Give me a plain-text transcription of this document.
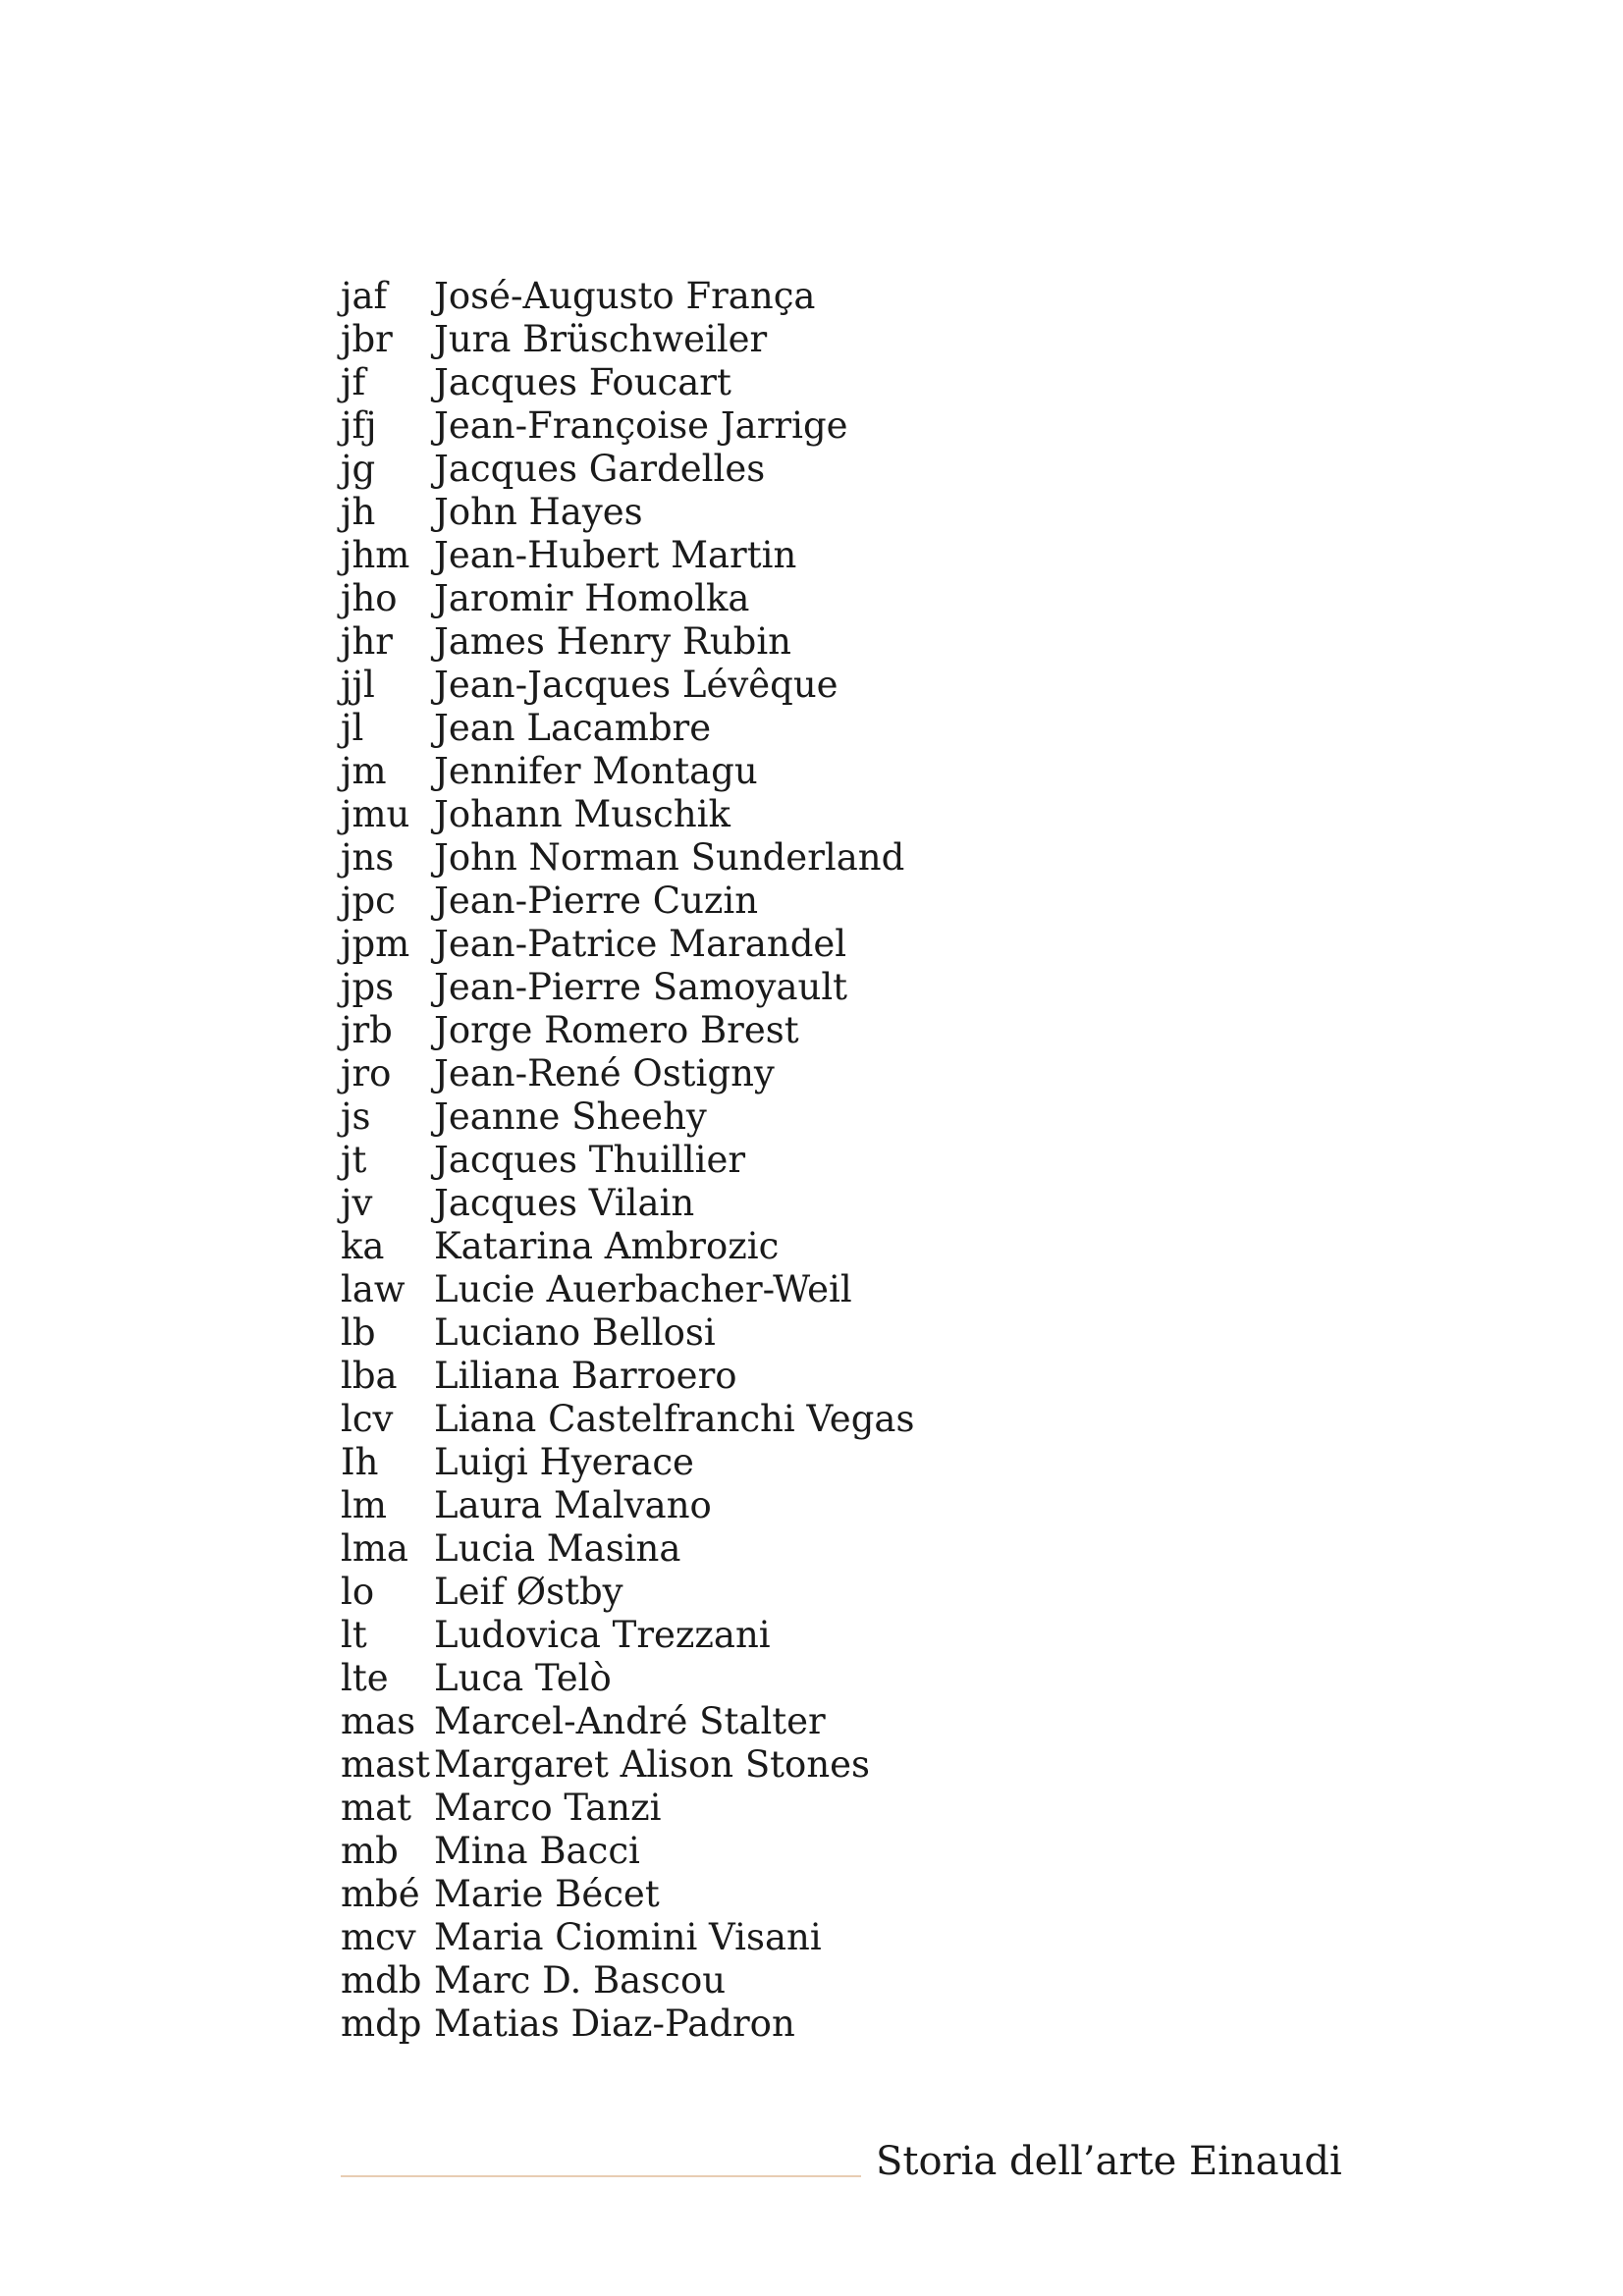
jaf	José-Augusto França
jbr	Jura Brüschweiler
jf	Jacques Foucart
jfj	Jean-Françoise Jarrige
jg	Jacques Gardelles
jh	John Hayes
jhm Jean-Hubert Martin
jho	Jaromir Homolka
jhr	James Henry Rubin
jjl	Jean-Jacques Lévêque
jl	Jean Lacambre
jm	Jennifer Montagu
jmu Johann Muschik
jns	John Norman Sunderland
jpc	Jean-Pierre Cuzin
jpm Jean-Patrice Marandel
jps	Jean-Pierre Samoyault
jrb	Jorge Romero Brest
jro	Jean-René Ostigny
js	Jeanne Sheehy
jt	Jacques Thuillier
jv	Jacques Vilain
ka	Katarina Ambrozic
law Lucie Auerbacher-Weil
lb	Luciano Bellosi
lba	Liliana Barroero
lcv	Liana Castelfranchi Vegas
Ih	Luigi Hyerace
lm	Laura Malvano
lma Lucia Masina
lo	Leif Østby
lt	Ludovica Trezzani
lte	Luca Telò
mas Marcel-André Stalter
mast Margaret Alison Stones
mat Marco Tanzi
mb Mina Bacci
mbé Marie Bécet
mcv Maria Ciomini Visani
mdb Marc D. Bascou
mdp Matias Diaz-Padron
Storia dell’arte Einaudi
